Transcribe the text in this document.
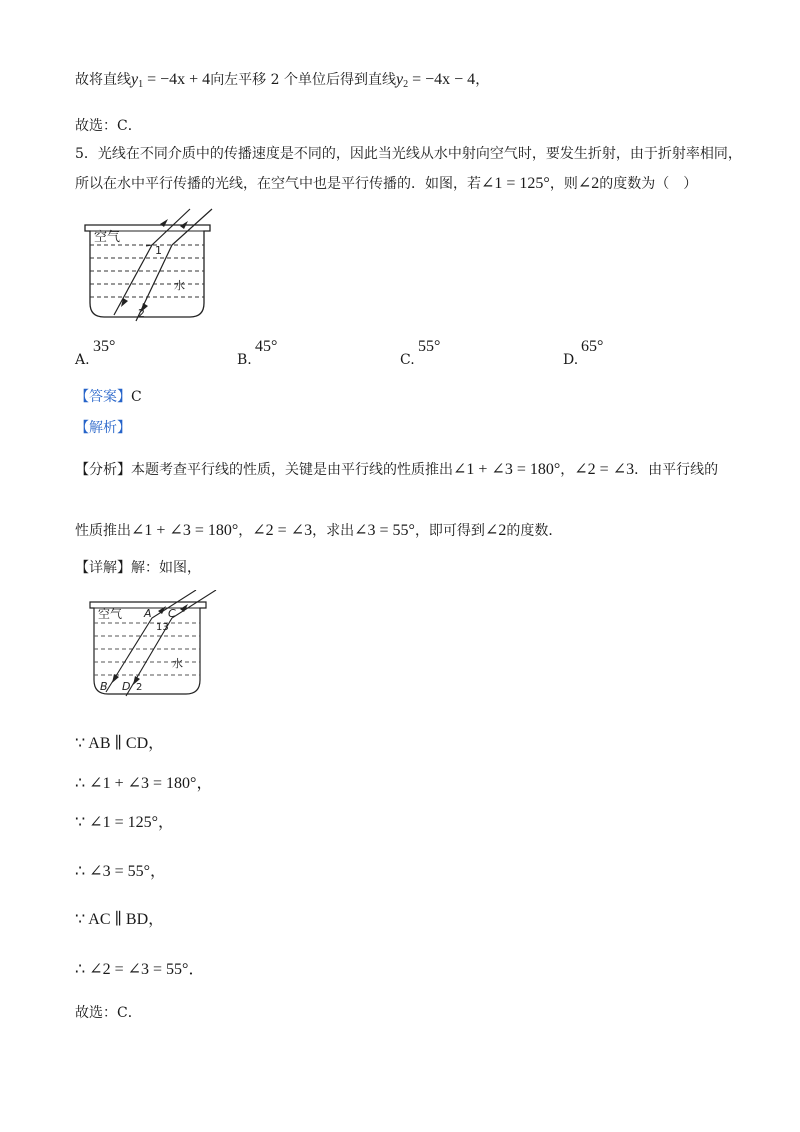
故将直线$y_1 = -4x + 4$向左平移 2 个单位后得到直线$y_2 = -4x - 4$，
故选：C．
5．光线在不同介质中的传播速度是不同的，因此当光线从水中射向空气时，要发生折射，由于折射率相同，
所以在水中平行传播的光线，在空气中也是平行传播的．如图，若∠1 = 125°，则∠2的度数为（　）
空气
水
1
2
A.
35°
B.
45°
C.
55°
D.
65°
【答案】C
【解析】
【分析】本题考查平行线的性质，关键是由平行线的性质推出∠1 + ∠3 = 180°，∠2 = ∠3．由平行线的
性质推出∠1 + ∠3 = 180°，∠2 = ∠3，求出∠3 = 55°，即可得到∠2的度数．
【详解】解：如图，
空气
水
A C
13
B D 2
∵ AB ∥ CD，
∴ ∠1 + ∠3 = 180°，
∵ ∠1 = 125°，
∴ ∠3 = 55°，
∵ AC ∥ BD，
∴ ∠2 = ∠3 = 55°．
故选：C．
